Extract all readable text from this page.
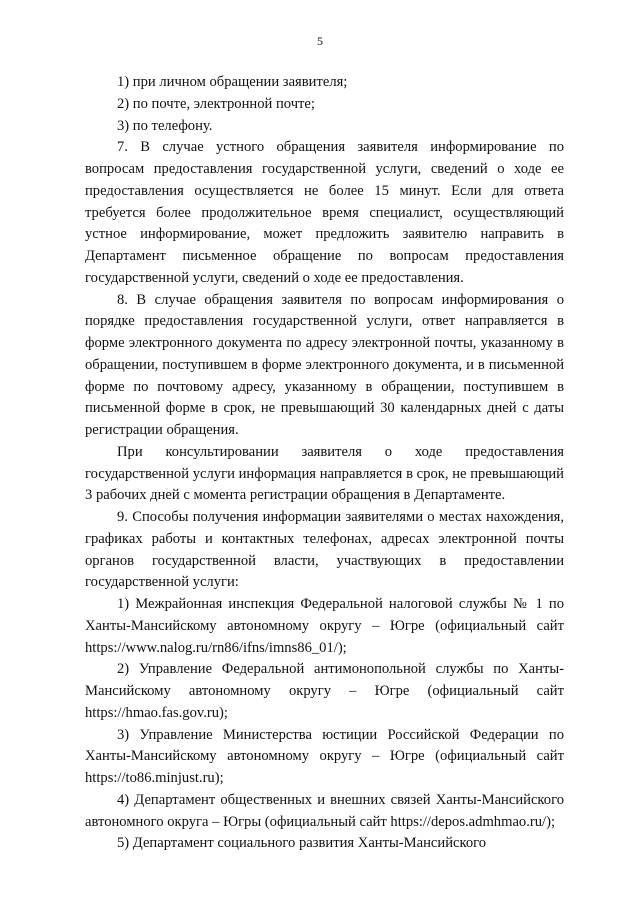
5

1) при личном обращении заявителя;

2) по почте, электронной почте;

3) по телефону.

7. В случае устного обращения заявителя информирование по вопросам предоставления государственной услуги, сведений о ходе ее предоставления осуществляется не более 15 минут. Если для ответа требуется более продолжительное время специалист, осуществляющий устное информирование, может предложить заявителю направить в Департамент письменное обращение по вопросам предоставления государственной услуги, сведений о ходе ее предоставления.

8. В случае обращения заявителя по вопросам информирования о порядке предоставления государственной услуги, ответ направляется в форме электронного документа по адресу электронной почты, указанному в обращении, поступившем в форме электронного документа, и в письменной форме по почтовому адресу, указанному в обращении, поступившем в письменной форме в срок, не превышающий 30 календарных дней с даты регистрации обращения.

При консультировании заявителя о ходе предоставления государственной услуги информация направляется в срок, не превышающий 3 рабочих дней с момента регистрации обращения в Департаменте.

9. Способы получения информации заявителями о местах нахождения, графиках работы и контактных телефонах, адресах электронной почты органов государственной власти, участвующих в предоставлении государственной услуги:

1) Межрайонная инспекция Федеральной налоговой службы № 1 по Ханты-Мансийскому автономному округу – Югре (официальный сайт https://www.nalog.ru/rn86/ifns/imns86_01/);

2) Управление Федеральной антимонопольной службы по Ханты-Мансийскому автономному округу – Югре (официальный сайт https://hmao.fas.gov.ru);

3) Управление Министерства юстиции Российской Федерации по Ханты-Мансийскому автономному округу – Югре (официальный сайт https://to86.minjust.ru);

4) Департамент общественных и внешних связей Ханты-Мансийского автономного округа – Югры (официальный сайт https://depos.admhmao.ru/);

5) Департамент социального развития Ханты-Мансийского
